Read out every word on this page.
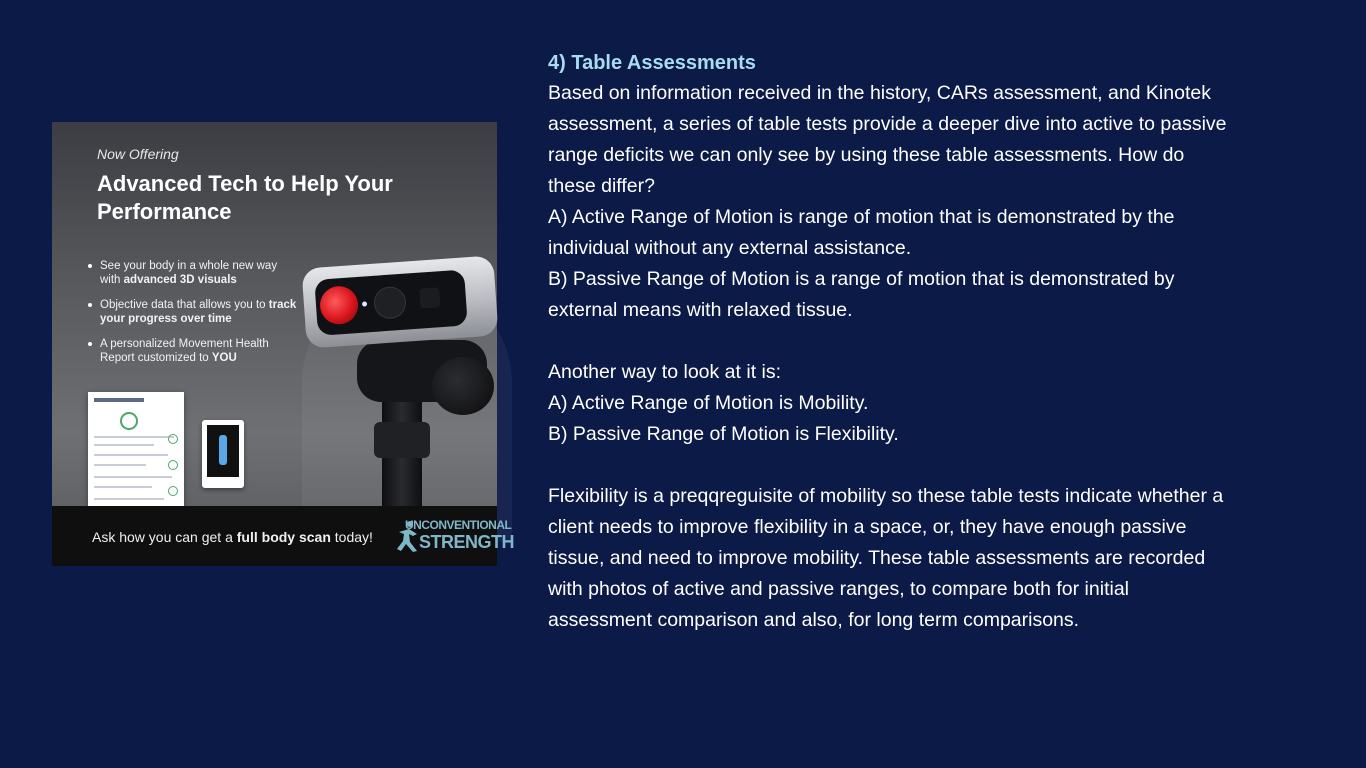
Now Offering
Advanced Tech to Help Your Performance
See your body in a whole new way with advanced 3D visuals
Objective data that allows you to track your progress over time
A personalized Movement Health Report customized to YOU
Ask how you can get a full body scan today!
UNCONVENTIONAL
STRENGTH
4) Table Assessments

Based on information received in the history, CARs assessment, and Kinotek

assessment, a series of table tests provide a deeper dive into active to passive

range deficits we can only see by using these table assessments. How do

these differ?

A) Active Range of Motion is range of motion that is demonstrated by the

individual without any external assistance.

B) Passive Range of Motion is a range of motion that is demonstrated by

external means with relaxed tissue.

Another way to look at it is:

A) Active Range of Motion is Mobility.

B) Passive Range of Motion is Flexibility.

Flexibility is a preqqreguisite of mobility so these table tests indicate whether a

client needs to improve flexibility in a space, or, they have enough passive

tissue, and need to improve mobility. These table assessments are recorded

with photos of active and passive ranges, to compare both for initial

assessment comparison and also, for long term comparisons.
